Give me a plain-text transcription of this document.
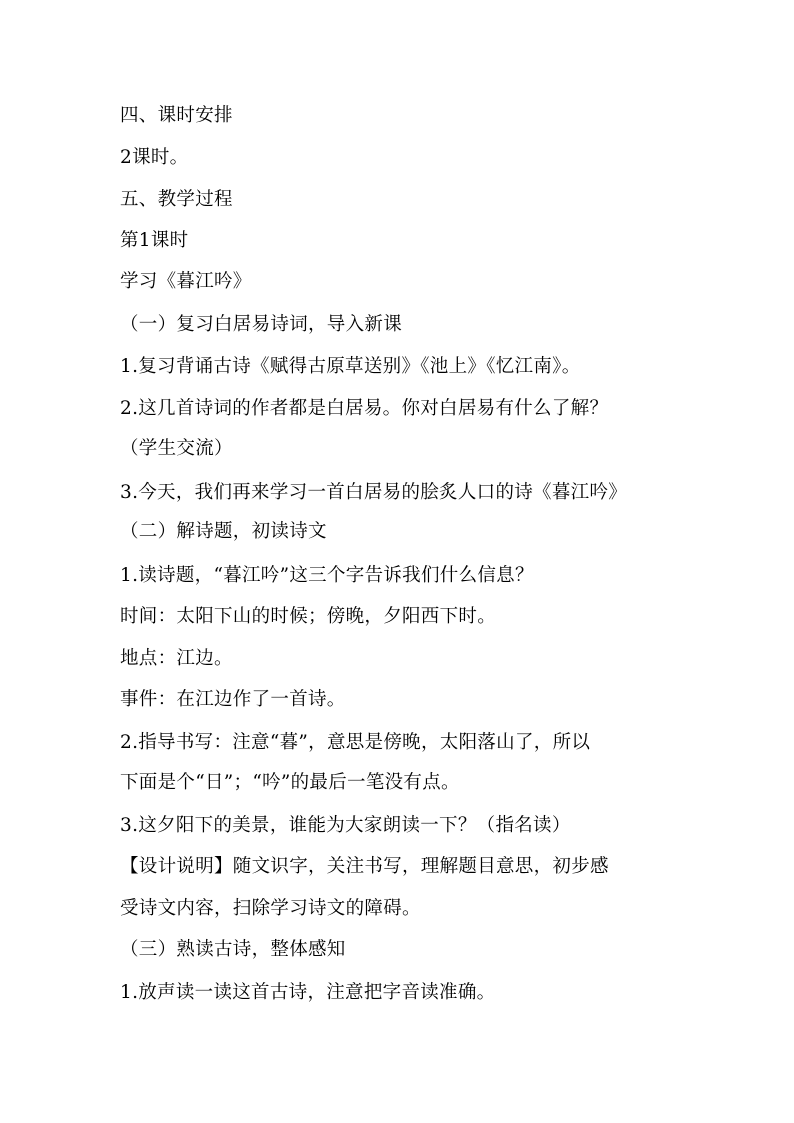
四、课时安排
2课时。
五、教学过程
第1课时
学习《暮江吟》
（一）复习白居易诗词，导入新课
1.复习背诵古诗《赋得古原草送别》《池上》《忆江南》。
2.这几首诗词的作者都是白居易。你对白居易有什么了解？
（学生交流）
3.今天，我们再来学习一首白居易的脍炙人口的诗《暮江吟》
（二）解诗题，初读诗文
1.读诗题，“暮江吟”这三个字告诉我们什么信息？
时间：太阳下山的时候；傍晚，夕阳西下时。
地点：江边。
事件：在江边作了一首诗。
2.指导书写：注意“暮”，意思是傍晚，太阳落山了，所以
下面是个“日”；“吟”的最后一笔没有点。
3.这夕阳下的美景，谁能为大家朗读一下？（指名读）
【设计说明】随文识字，关注书写，理解题目意思，初步感
受诗文内容，扫除学习诗文的障碍。
（三）熟读古诗，整体感知
1.放声读一读这首古诗，注意把字音读准确。
